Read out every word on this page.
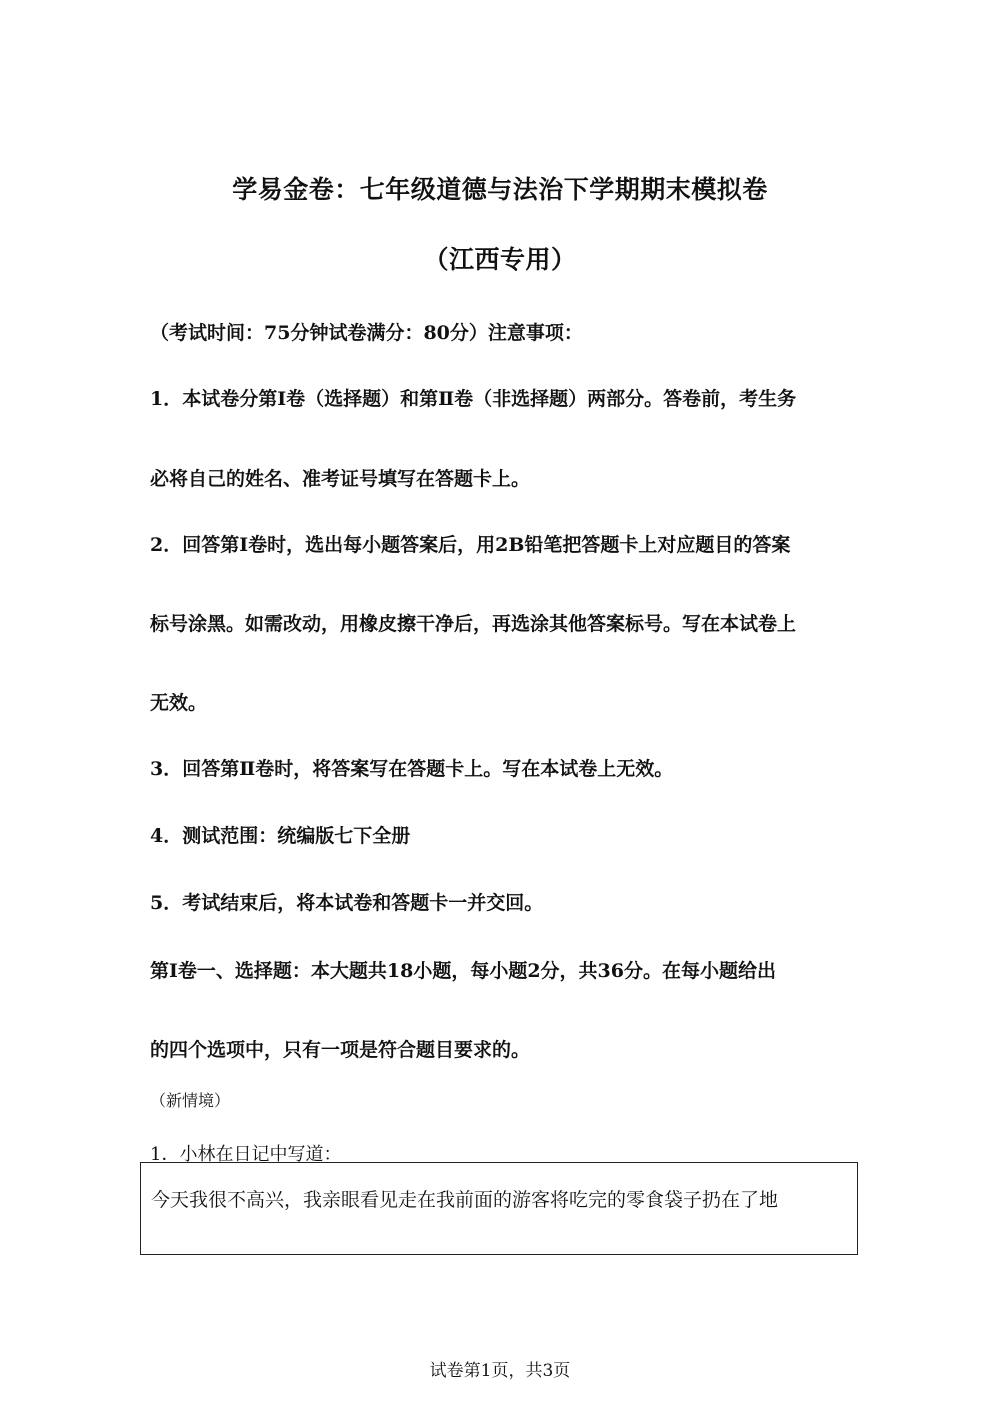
学易金卷：七年级道德与法治下学期期末模拟卷
（江西专用）
（考试时间：75分钟试卷满分：80分）注意事项：
1．本试卷分第Ⅰ卷（选择题）和第Ⅱ卷（非选择题）两部分。答卷前，考生务
必将自己的姓名、准考证号填写在答题卡上。
2．回答第Ⅰ卷时，选出每小题答案后，用2B铅笔把答题卡上对应题目的答案
标号涂黑。如需改动，用橡皮擦干净后，再选涂其他答案标号。写在本试卷上
无效。
3．回答第Ⅱ卷时，将答案写在答题卡上。写在本试卷上无效。
4．测试范围：统编版七下全册
5．考试结束后，将本试卷和答题卡一并交回。
第Ⅰ卷一、选择题：本大题共18小题，每小题2分，共36分。在每小题给出
的四个选项中，只有一项是符合题目要求的。
（新情境）
1．小林在日记中写道：
今天我很不高兴，我亲眼看见走在我前面的游客将吃完的零食袋子扔在了地
试卷第1页，共3页
